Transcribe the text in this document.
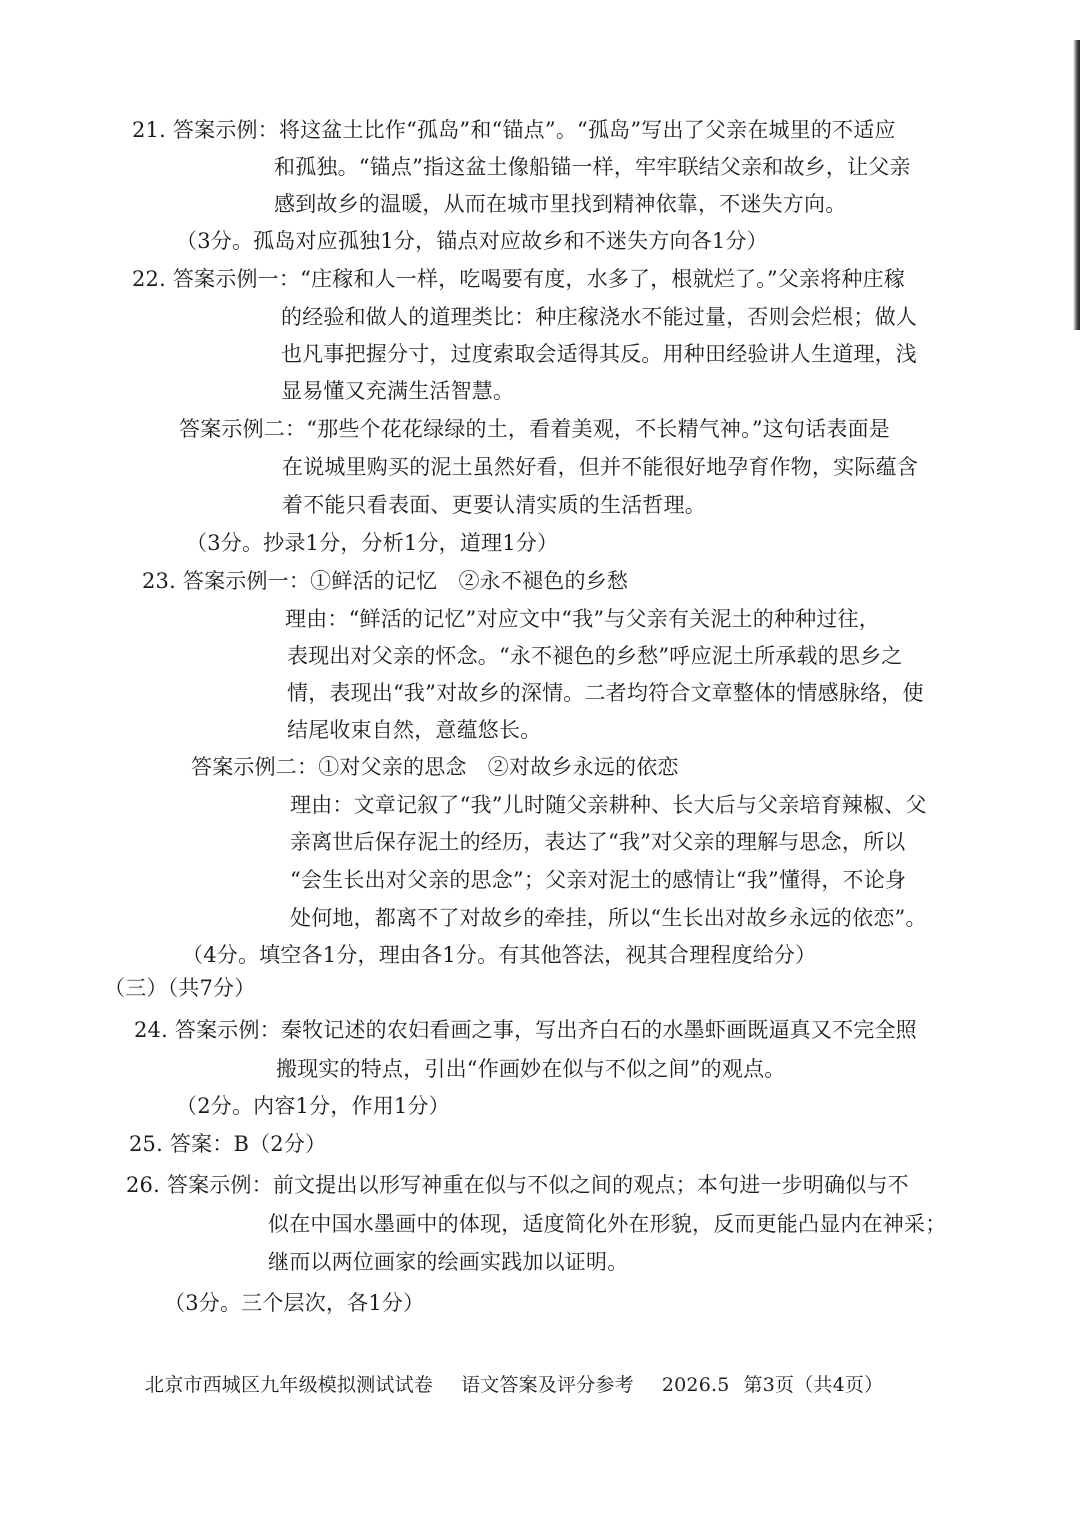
21. 答案示例：将这盆土比作“孤岛”和“锚点”。“孤岛”写出了父亲在城里的不适应
和孤独。“锚点”指这盆土像船锚一样，牢牢联结父亲和故乡，让父亲
感到故乡的温暖，从而在城市里找到精神依靠，不迷失方向。
（3分。孤岛对应孤独1分，锚点对应故乡和不迷失方向各1分）
22. 答案示例一：“庄稼和人一样，吃喝要有度，水多了，根就烂了。”父亲将种庄稼
的经验和做人的道理类比：种庄稼浇水不能过量，否则会烂根；做人
也凡事把握分寸，过度索取会适得其反。用种田经验讲人生道理，浅
显易懂又充满生活智慧。
答案示例二：“那些个花花绿绿的土，看着美观，不长精气神。”这句话表面是
在说城里购买的泥土虽然好看，但并不能很好地孕育作物，实际蕴含
着不能只看表面、更要认清实质的生活哲理。
（3分。抄录1分，分析1分，道理1分）
23. 答案示例一：①鲜活的记忆　②永不褪色的乡愁
理由：“鲜活的记忆”对应文中“我”与父亲有关泥土的种种过往，
表现出对父亲的怀念。“永不褪色的乡愁”呼应泥土所承载的思乡之
情，表现出“我”对故乡的深情。二者均符合文章整体的情感脉络，使
结尾收束自然，意蕴悠长。
答案示例二：①对父亲的思念　②对故乡永远的依恋
理由：文章记叙了“我”儿时随父亲耕种、长大后与父亲培育辣椒、父
亲离世后保存泥土的经历，表达了“我”对父亲的理解与思念，所以
“会生长出对父亲的思念”；父亲对泥土的感情让“我”懂得，不论身
处何地，都离不了对故乡的牵挂，所以“生长出对故乡永远的依恋”。
（4分。填空各1分，理由各1分。有其他答法，视其合理程度给分）
（三）（共7分）
24. 答案示例：秦牧记述的农妇看画之事，写出齐白石的水墨虾画既逼真又不完全照
搬现实的特点，引出“作画妙在似与不似之间”的观点。
（2分。内容1分，作用1分）
25. 答案：B（2分）
26. 答案示例：前文提出以形写神重在似与不似之间的观点；本句进一步明确似与不
似在中国水墨画中的体现，适度简化外在形貌，反而更能凸显内在神采；
继而以两位画家的绘画实践加以证明。
（3分。三个层次，各1分）
北京市西城区九年级模拟测试试卷 语文答案及评分参考 2026.5 第3页（共4页）
